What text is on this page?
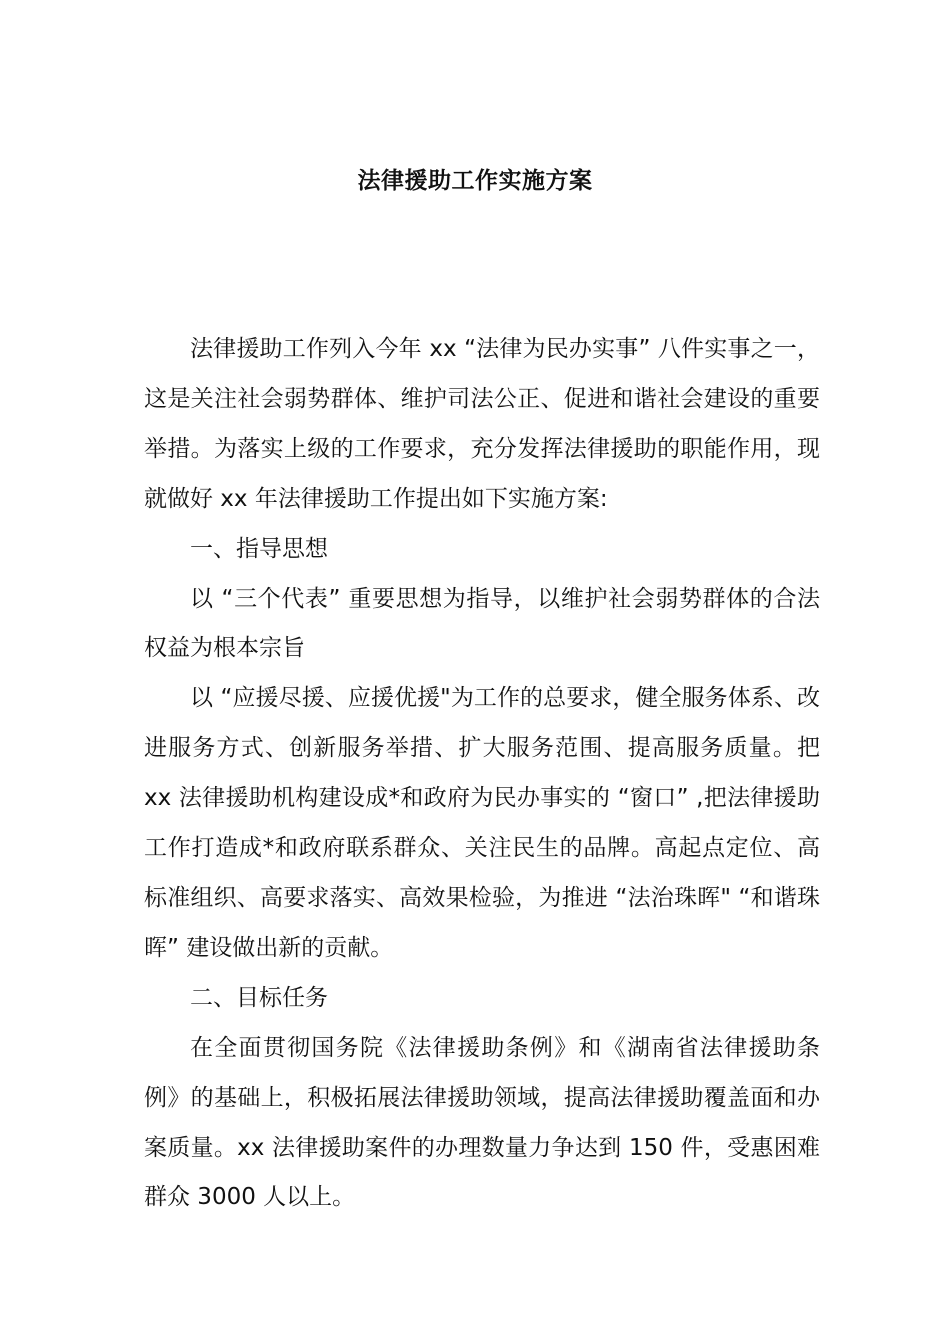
法律援助工作实施方案

法律援助工作列入今年 xx “法律为民办实事” 八件实事之一，这是关注社会弱势群体、维护司法公正、促进和谐社会建设的重要举措。为落实上级的工作要求，充分发挥法律援助的职能作用，现就做好 xx 年法律援助工作提出如下实施方案:

一、指导思想

以 “三个代表” 重要思想为指导，以维护社会弱势群体的合法权益为根本宗旨

以 “应援尽援、应援优援"为工作的总要求，健全服务体系、改进服务方式、创新服务举措、扩大服务范围、提高服务质量。把 xx 法律援助机构建设成*和政府为民办事实的 “窗口” ,把法律援助工作打造成*和政府联系群众、关注民生的品牌。高起点定位、高标准组织、高要求落实、高效果检验，为推进 “法治珠晖" “和谐珠晖” 建设做出新的贡献。

二、目标任务

在全面贯彻国务院《法律援助条例》和《湖南省法律援助条例》的基础上，积极拓展法律援助领域，提高法律援助覆盖面和办案质量。xx 法律援助案件的办理数量力争达到 150 件，受惠困难群众 3000 人以上。
